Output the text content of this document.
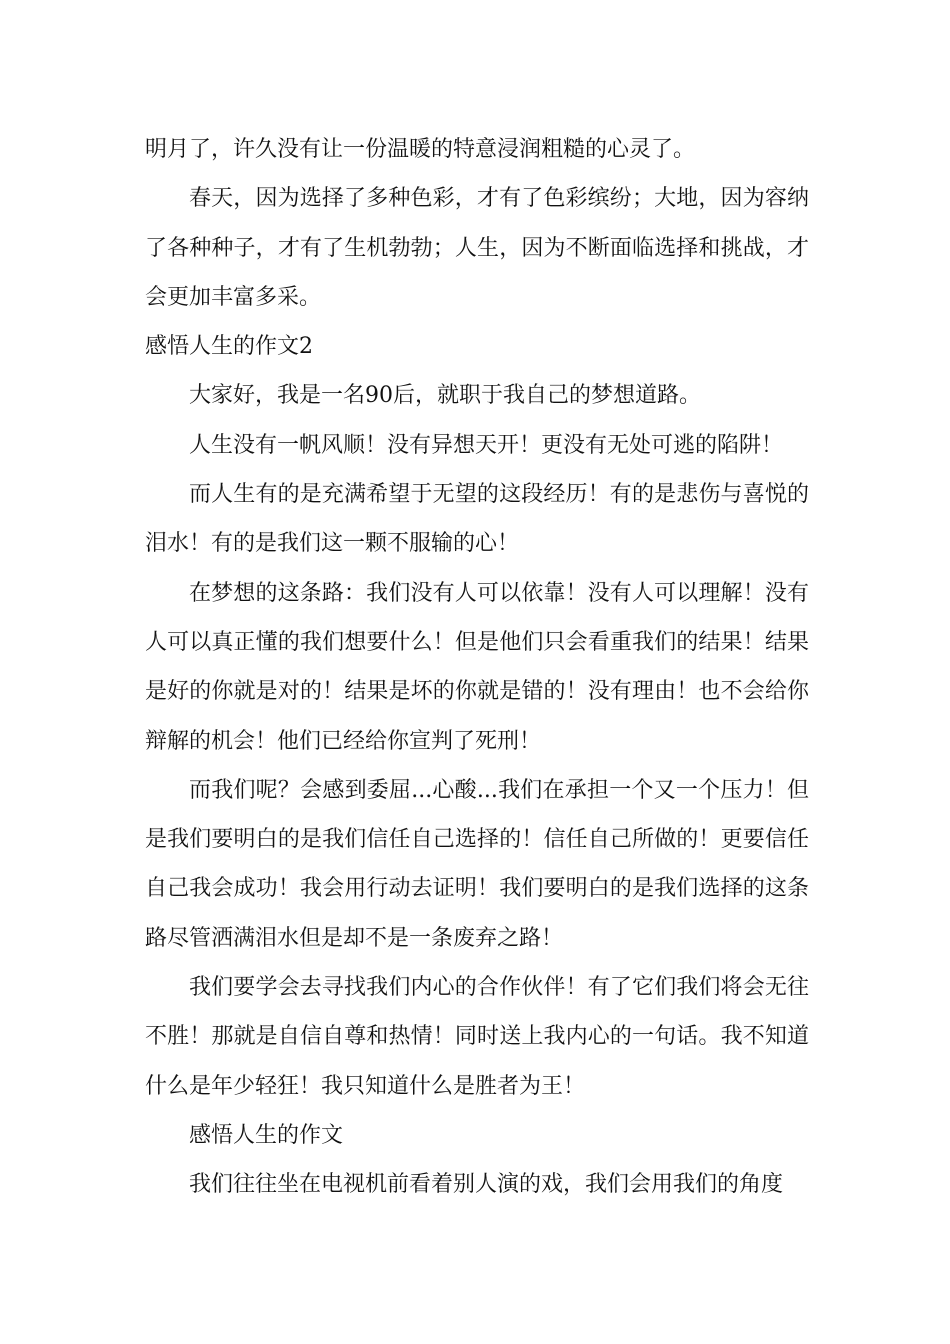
明月了，许久没有让一份温暖的特意浸润粗糙的心灵了。

春天，因为选择了多种色彩，才有了色彩缤纷；大地，因为容纳了各种种子，才有了生机勃勃；人生，因为不断面临选择和挑战，才会更加丰富多采。

感悟人生的作文2

大家好，我是一名90后，就职于我自己的梦想道路。

人生没有一帆风顺！没有异想天开！更没有无处可逃的陷阱！

而人生有的是充满希望于无望的这段经历！有的是悲伤与喜悦的泪水！有的是我们这一颗不服输的心！

在梦想的这条路：我们没有人可以依靠！没有人可以理解！没有人可以真正懂的我们想要什么！但是他们只会看重我们的结果！结果是好的你就是对的！结果是坏的你就是错的！没有理由！也不会给你辩解的机会！他们已经给你宣判了死刑！

而我们呢？会感到委屈...心酸...我们在承担一个又一个压力！但是我们要明白的是我们信任自己选择的！信任自己所做的！更要信任自己我会成功！我会用行动去证明！我们要明白的是我们选择的这条路尽管洒满泪水但是却不是一条废弃之路！

我们要学会去寻找我们内心的合作伙伴！有了它们我们将会无往不胜！那就是自信自尊和热情！同时送上我内心的一句话。我不知道什么是年少轻狂！我只知道什么是胜者为王！

感悟人生的作文

我们往往坐在电视机前看着别人演的戏，我们会用我们的角度
